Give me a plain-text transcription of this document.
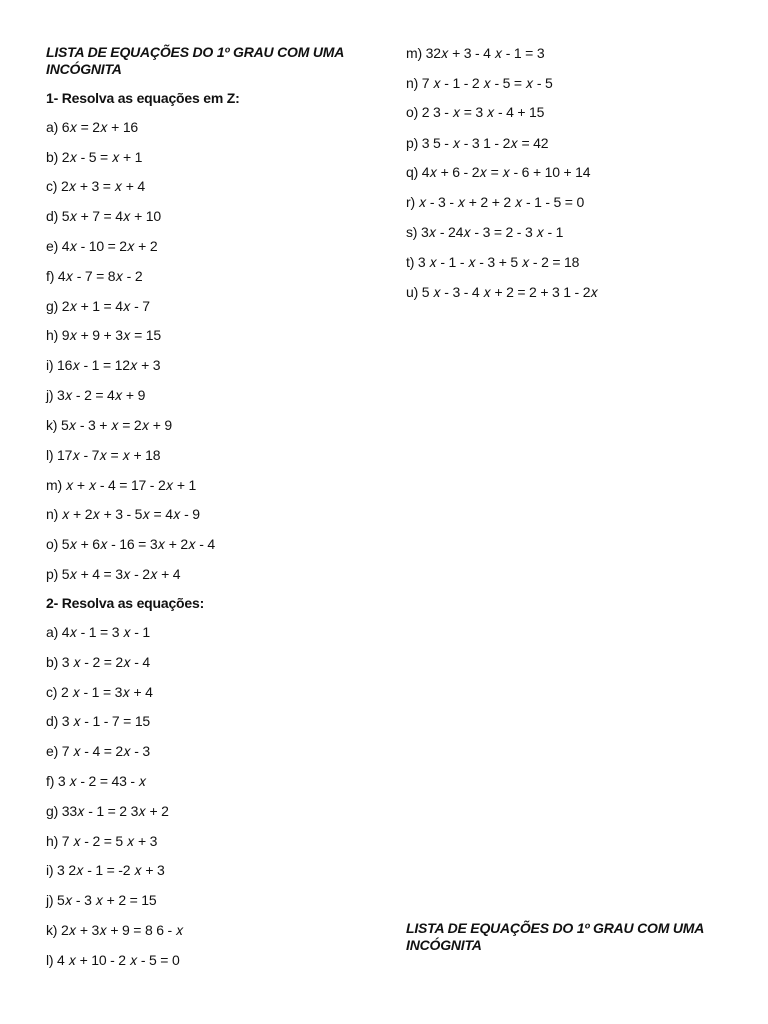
LISTA DE EQUAÇÕES DO 1º GRAU COM UMA INCÓGNITA

1- Resolva as equações em Z:

a) 6𝑥 = 2𝑥 + 16

b) 2𝑥 - 5 = 𝑥 + 1

c) 2𝑥 + 3 = 𝑥 + 4

d) 5𝑥 + 7 = 4𝑥 + 10

e) 4𝑥 - 10 = 2𝑥 + 2

f) 4𝑥 - 7 = 8𝑥 - 2

g) 2𝑥 + 1 = 4𝑥 - 7

h) 9𝑥 + 9 + 3𝑥 = 15

i) 16𝑥 - 1 = 12𝑥 + 3

j) 3𝑥 - 2 = 4𝑥 + 9

k) 5𝑥 - 3 + 𝑥 = 2𝑥 + 9

l) 17𝑥 - 7𝑥 = 𝑥 + 18

m) 𝑥 + 𝑥 - 4 = 17 - 2𝑥 + 1

n) 𝑥 + 2𝑥 + 3 - 5𝑥 = 4𝑥 - 9

o) 5𝑥 + 6𝑥 - 16 = 3𝑥 + 2𝑥 - 4

p) 5𝑥 + 4 = 3𝑥 - 2𝑥 + 4

2- Resolva as equações:

a) 4𝑥 - 1 = 3 𝑥 - 1

b) 3 𝑥 - 2 = 2𝑥 - 4

c) 2 𝑥 - 1 = 3𝑥 + 4

d) 3 𝑥 - 1 - 7 = 15

e) 7 𝑥 - 4 = 2𝑥 - 3

f) 3 𝑥 - 2 = 43 - 𝑥

g) 33𝑥 - 1 = 2 3𝑥 + 2

h) 7 𝑥 - 2 = 5 𝑥 + 3

i) 3 2𝑥 - 1 = -2 𝑥 + 3

j) 5𝑥 - 3 𝑥 + 2 = 15

k) 2𝑥 + 3𝑥 + 9 = 8 6 - 𝑥

l) 4 𝑥 + 10 - 2 𝑥 - 5 = 0

m) 32𝑥 + 3 - 4 𝑥 - 1 = 3

n) 7 𝑥 - 1 - 2 𝑥 - 5 = 𝑥 - 5

o) 2 3 - 𝑥 = 3 𝑥 - 4 + 15

p) 3 5 - 𝑥 - 3 1 - 2𝑥 = 42

q) 4𝑥 + 6 - 2𝑥 = 𝑥 - 6 + 10 + 14

r) 𝑥 - 3 - 𝑥 + 2 + 2 𝑥 - 1 - 5 = 0

s) 3𝑥 - 24𝑥 - 3 = 2 - 3 𝑥 - 1

t) 3 𝑥 - 1 - 𝑥 - 3 + 5 𝑥 - 2 = 18

u) 5 𝑥 - 3 - 4 𝑥 + 2 = 2 + 3 1 - 2𝑥

LISTA DE EQUAÇÕES DO 1º GRAU COM UMA INCÓGNITA
